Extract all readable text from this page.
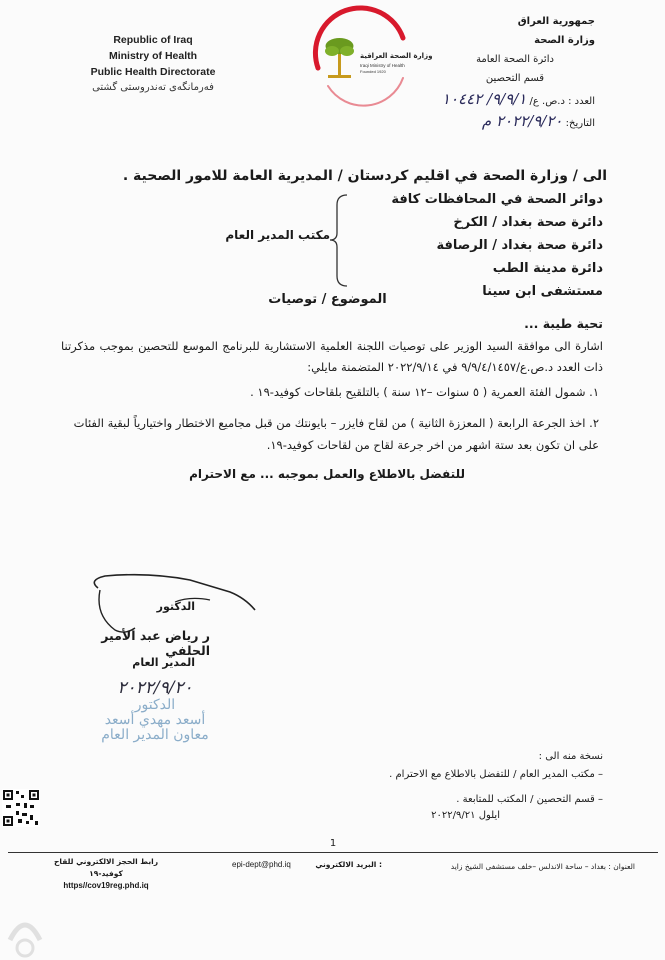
Republic of Iraq
Ministry of Health
Public Health Directorate
فەرمانگەی تەندروستی گشتی
وزارة الصحة العراقية
Iraqi Ministry of Health
Founded 1920
جمهورية العراق
وزارة الصحة
دائرة الصحة العامة
قسم التحصين
العدد : د.ص. ع/ ٩/٩/١/ ١٠٤٤٢
التاريخ: ٢٠٢٢/٩/٢٠ م
الى / وزارة الصحة في اقليم كردستان / المديرية العامة للامور الصحية .
دوائر الصحة في المحافظات كافة
دائرة صحة بغداد / الكرخ
دائرة صحة بغداد / الرصافة
دائرة مدينة الطب
مستشفى ابن سينا
مكتب المدير العام
الموضوع / توصيات
تحية طيبة ...
اشارة الى موافقة السيد الوزير على توصيات اللجنة العلمية الاستشارية للبرنامج الموسع للتحصين بموجب مذكرتنا ذات العدد د.ص.ع/٩/٩/٤/١٤٥٧ في ٢٠٢٢/٩/١٤ المتضمنة مايلي:
١. شمول الفئة العمرية ( ٥ سنوات –١٢ سنة ) بالتلقيح بلقاحات كوفيد-١٩ .
٢. اخذ الجرعة الرابعة ( المعززة الثانية ) من لقاح فايزر – بايونتك من قبل مجاميع الاختطار واختيارياً لبقية الفئات على ان تكون بعد ستة اشهر من اخر جرعة لقاح من لقاحات كوفيد-١٩.
للتفضل بالاطلاع والعمل بموجبه ... مع الاحترام
الدكتور
ر رياض عبد الأمير الحلفي
المدير العام
٢٠٢٢/٩/٢٠
الدكتور
أسعد مهدي أسعد
معاون المدير العام
نسخة منه الى :
– مكتب المدير العام / للتفضل بالاطلاع مع الاحترام .
– قسم التحصين / المكتب للمتابعة .
ايلول ٢٠٢٢/٩/٢١
1
رابط الحجز الالكتروني للقاح كوفيد-١٩
https//cov19reg.phd.iq
epi-dept@phd.iq	: البريد الالكتروني	العنوان : بغداد – ساحة الاندلس –خلف مستشفى الشيخ زايد
